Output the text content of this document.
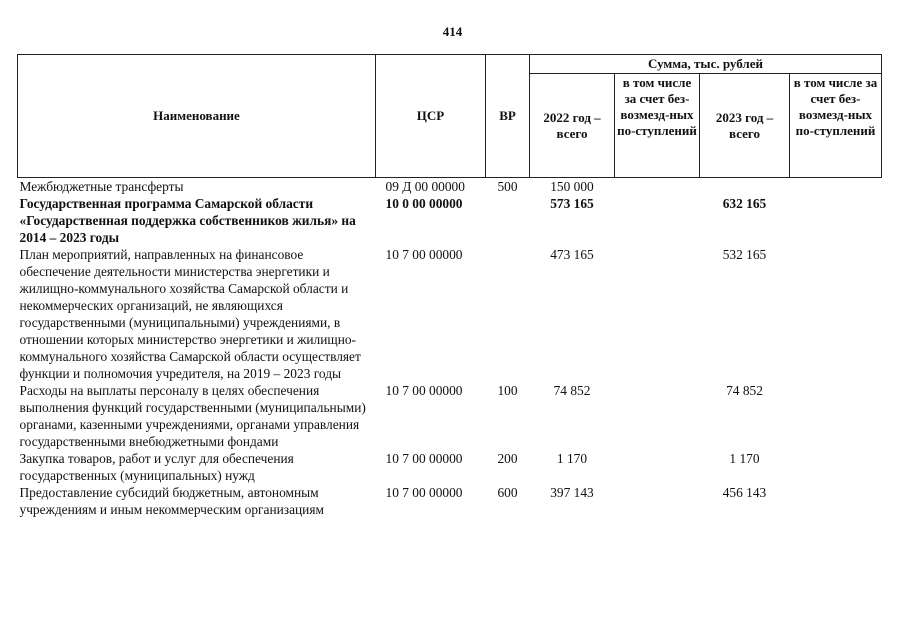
414
Наименование	ЦСР	ВР	Сумма, тыс. рублей			
			2022 год – всего	в том числе за счет без-возмезд-ных по-ступлений	2023 год – всего	в том числе за счет без-возмезд-ных по-ступлений
Межбюджетные трансферты	09 Д 00 00000	500	150 000			
Государственная программа Самарской области «Государственная поддержка собственников жилья» на 2014 – 2023 годы	10 0 00 00000		573 165		632 165	
План мероприятий, направленных на финансовое обеспечение деятельности министерства энергетики и жилищно-коммунального хозяйства Самарской области и некоммерческих организаций, не являющихся государственными (муниципальными) учреждениями, в отношении которых министерство энергетики и жилищно-коммунального хозяйства Самарской области осуществляет функции и полномочия учредителя, на 2019 – 2023 годы	10 7 00 00000		473 165		532 165	
Расходы на выплаты персоналу в целях обеспечения выполнения функций государственными (муниципальными) органами, казенными учреждениями, органами управления государственными внебюджетными фондами	10 7 00 00000	100	74 852		74 852	
Закупка товаров, работ и услуг для обеспечения государственных (муниципальных) нужд	10 7 00 00000	200	1 170		1 170	
Предоставление субсидий бюджетным, автономным учреждениям и иным некоммерческим организациям	10 7 00 00000	600	397 143		456 143	
